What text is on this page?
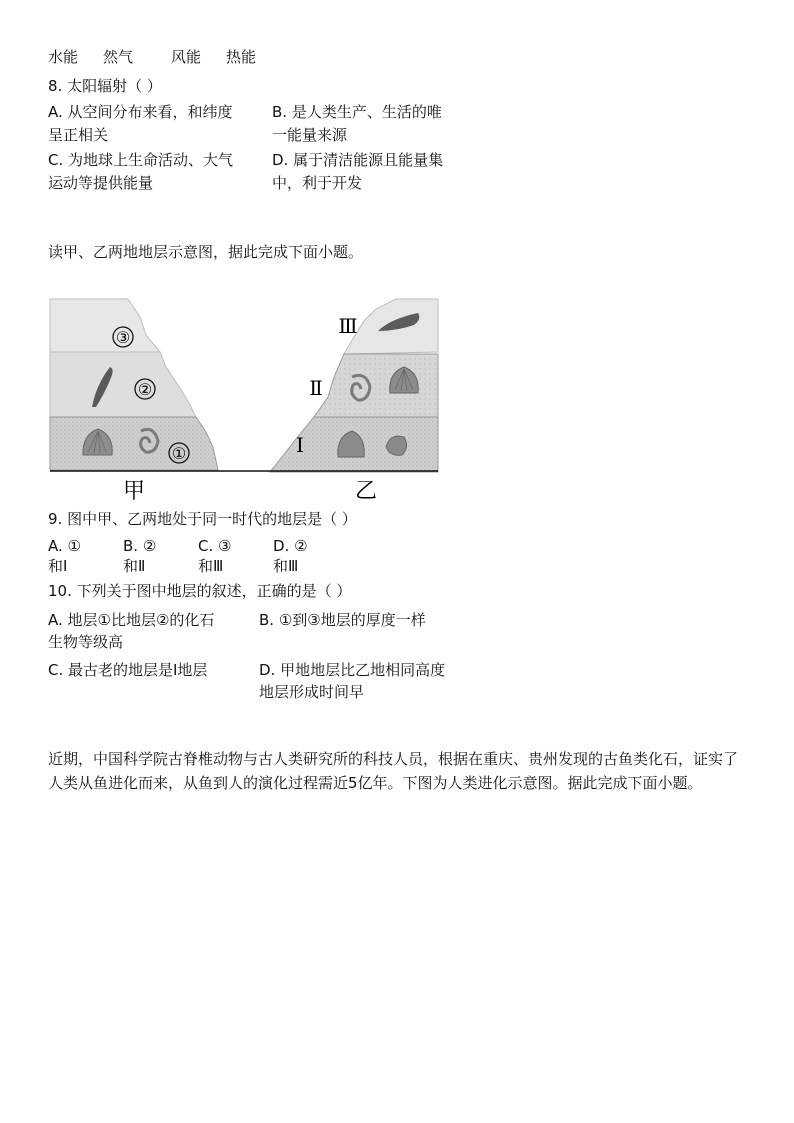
水能 然气	风能 热能
8. 太阳辐射（ ）
A. 从空间分布来看，和纬度
呈正相关
B. 是人类生产、生活的唯
一能量来源
C. 为地球上生命活动、大气
运动等提供能量
D. 属于清洁能源且能量集
中，利于开发
读甲、乙两地地层示意图，据此完成下面小题。
③
②
①
Ⅲ
Ⅱ
Ⅰ
甲	乙
9. 图中甲、乙两地处于同一时代的地层是（ ）
A. ①
和Ⅰ
B. ②
和Ⅱ
C. ③
和Ⅲ
D. ②
和Ⅲ
10. 下列关于图中地层的叙述，正确的是（ ）
A. 地层①比地层②的化石
生物等级高
B. ①到③地层的厚度一样
C. 最古老的地层是Ⅰ地层	D. 甲地地层比乙地相同高度
地层形成时间早
近期，中国科学院古脊椎动物与古人类研究所的科技人员，根据在重庆、贵州发现的古鱼类化石，证实了人类从鱼进化而来，从鱼到人的演化过程需近5亿年。下图为人类进化示意图。据此完成下面小题。
